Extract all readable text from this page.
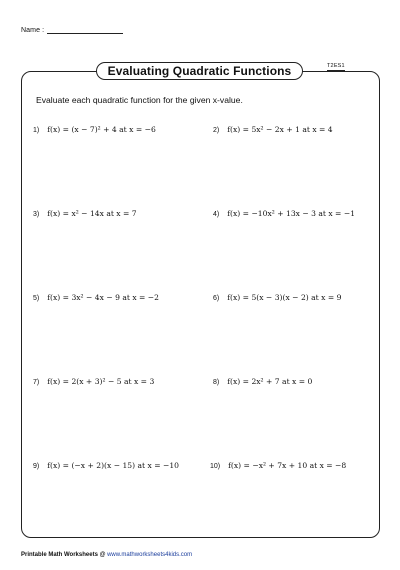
Name :
Evaluating Quadratic Functions	T2ES1
Evaluate each quadratic function for the given x-value.
1) f(x) = (x − 7)² + 4 at x = −6
3) f(x) = x² − 14x at x = 7
5) f(x) = 3x² − 4x − 9 at x = −2
7) f(x) = 2(x + 3)² − 5 at x = 3
9) f(x) = (−x + 2)(x − 15) at x = −10
2) f(x) = 5x² − 2x + 1 at x = 4
4) f(x) = −10x² + 13x − 3 at x = −1
6) f(x) = 5(x − 3)(x − 2) at x = 9
8) f(x) = 2x² + 7 at x = 0
10) f(x) = −x² + 7x + 10 at x = −8
Printable Math Worksheets @ www.mathworksheets4kids.com
